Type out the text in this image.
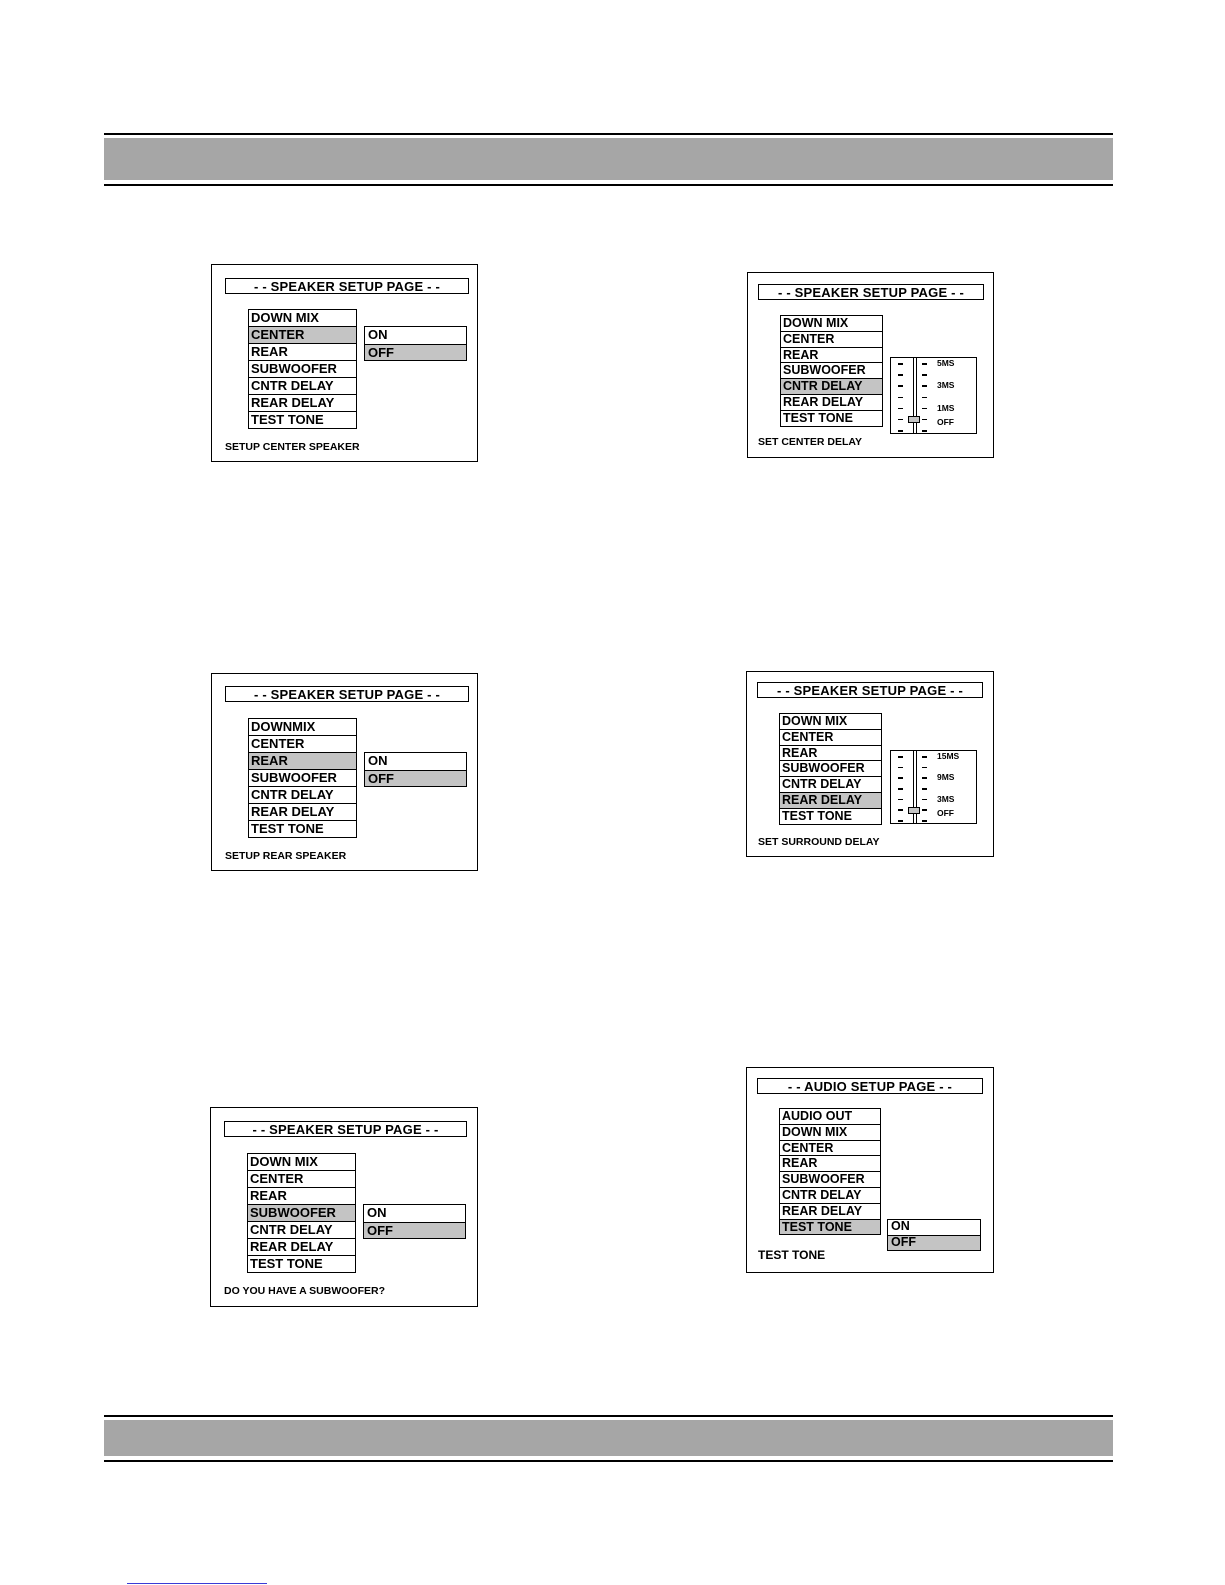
- - SPEAKER SETUP PAGE - -
DOWN MIX
CENTER
REAR
SUBWOOFER
CNTR DELAY
REAR DELAY
TEST TONE
ON
OFF
SETUP CENTER SPEAKER
- - SPEAKER SETUP PAGE - -
DOWN MIX
CENTER
REAR
SUBWOOFER
CNTR DELAY
REAR DELAY
TEST TONE
5MS
3MS
1MS
OFF
SET CENTER DELAY
- - SPEAKER SETUP PAGE - -
DOWNMIX
CENTER
REAR
SUBWOOFER
CNTR DELAY
REAR DELAY
TEST TONE
ON
OFF
SETUP REAR SPEAKER
- - SPEAKER SETUP PAGE - -
DOWN MIX
CENTER
REAR
SUBWOOFER
CNTR DELAY
REAR DELAY
TEST TONE
15MS
9MS
3MS
OFF
SET SURROUND DELAY
- - SPEAKER SETUP PAGE - -
DOWN MIX
CENTER
REAR
SUBWOOFER
CNTR DELAY
REAR DELAY
TEST TONE
ON
OFF
DO YOU HAVE A SUBWOOFER?
- - AUDIO SETUP PAGE - -
AUDIO OUT
DOWN MIX
CENTER
REAR
SUBWOOFER
CNTR DELAY
REAR DELAY
TEST TONE	ON
OFF
TEST TONE
